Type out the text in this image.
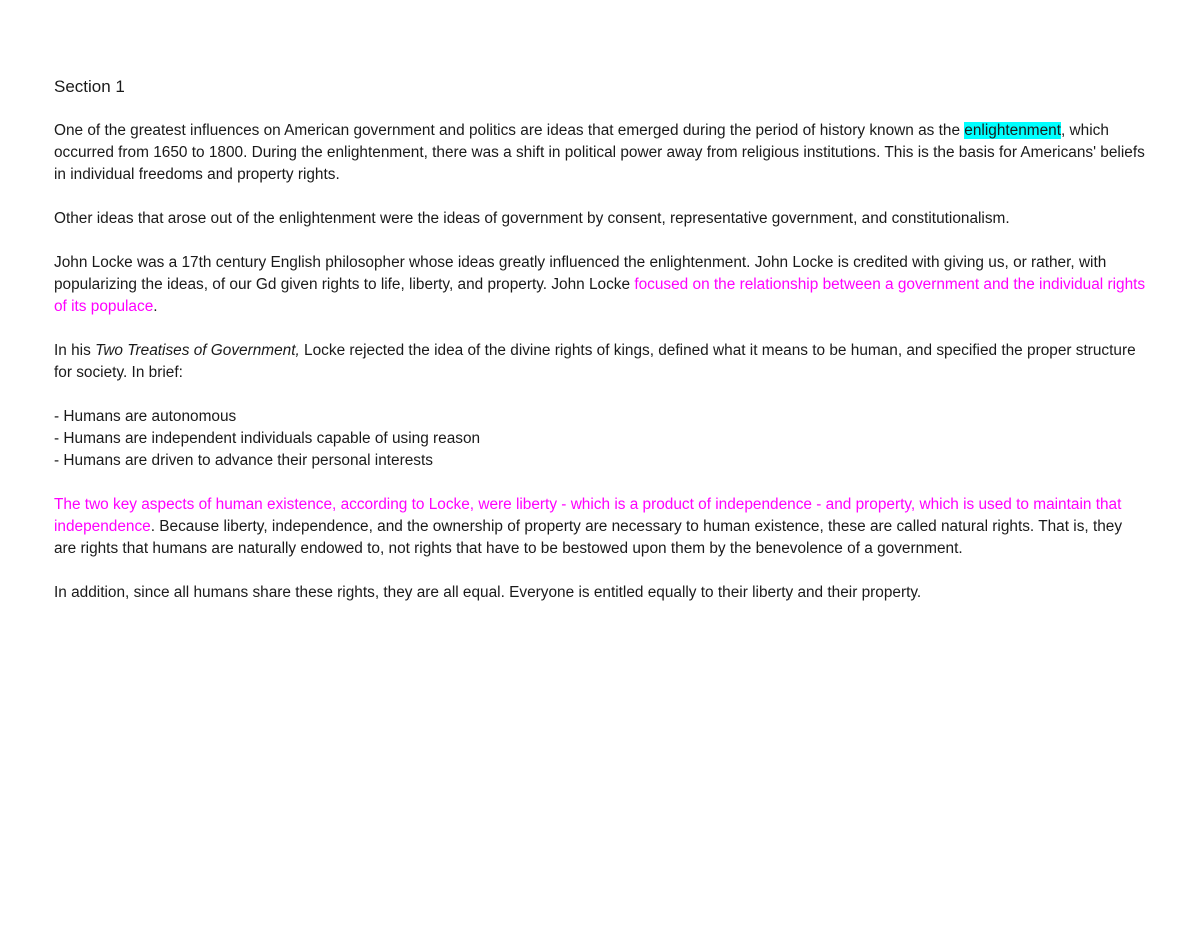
Section 1

One of the greatest influences on American government and politics are ideas that emerged during the period of history known as the enlightenment, which occurred from 1650 to 1800. During the enlightenment, there was a shift in political power away from religious institutions. This is the basis for Americans' beliefs in individual freedoms and property rights.

Other ideas that arose out of the enlightenment were the ideas of government by consent, representative government, and constitutionalism.

John Locke was a 17th century English philosopher whose ideas greatly influenced the enlightenment. John Locke is credited with giving us, or rather, with popularizing the ideas, of our Gd given rights to life, liberty, and property. John Locke focused on the relationship between a government and the individual rights of its populace.

In his Two Treatises of Government, Locke rejected the idea of the divine rights of kings, defined what it means to be human, and specified the proper structure for society. In brief:

- Humans are autonomous
- Humans are independent individuals capable of using reason
- Humans are driven to advance their personal interests

The two key aspects of human existence, according to Locke, were liberty - which is a product of independence - and property, which is used to maintain that independence. Because liberty, independence, and the ownership of property are necessary to human existence, these are called natural rights. That is, they are rights that humans are naturally endowed to, not rights that have to be bestowed upon them by the benevolence of a government.

In addition, since all humans share these rights, they are all equal. Everyone is entitled equally to their liberty and their property.
